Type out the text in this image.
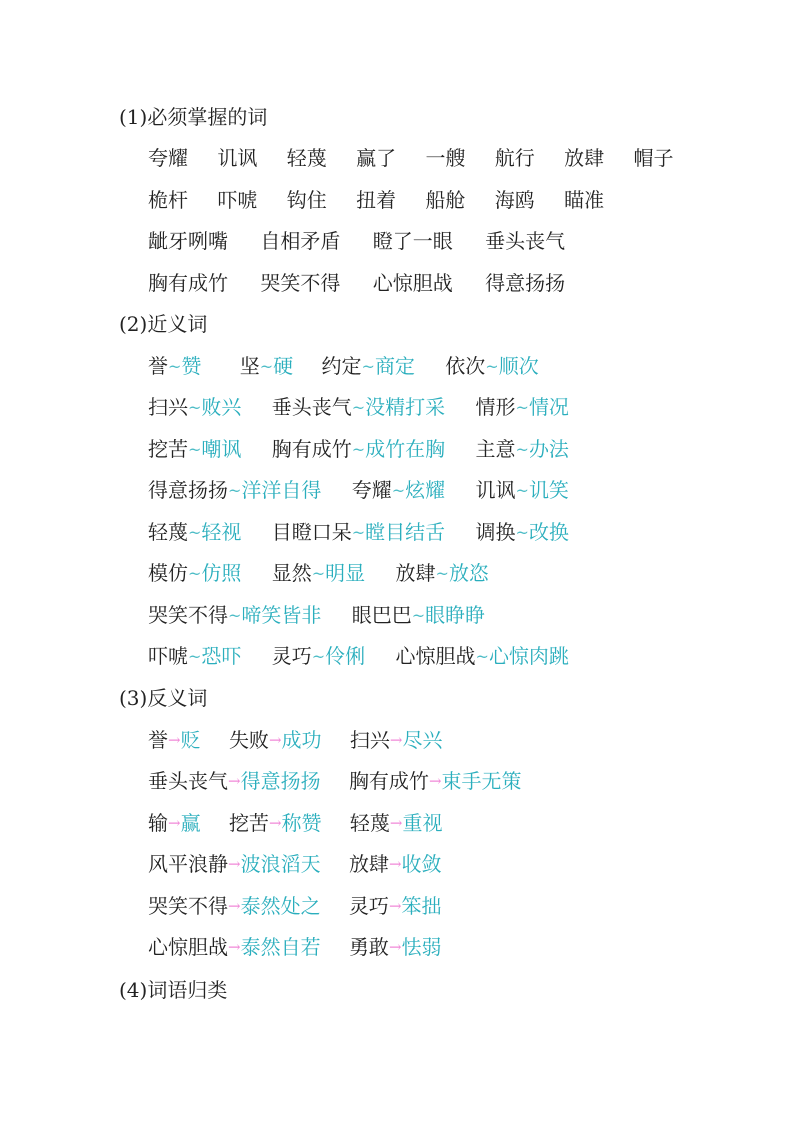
(1)必须掌握的词
夸耀 讥讽 轻蔑 赢了 一艘 航行 放肆 帽子
桅杆 吓唬 钩住 扭着 船舱 海鸥 瞄准
龇牙咧嘴 自相矛盾 瞪了一眼 垂头丧气
胸有成竹 哭笑不得 心惊胆战 得意扬扬
(2)近义词
誉~赞 坚~硬 约定~商定 依次~顺次
扫兴~败兴 垂头丧气~没精打采 情形~情况
挖苦~嘲讽 胸有成竹~成竹在胸 主意~办法
得意扬扬~洋洋自得 夸耀~炫耀 讥讽~讥笑
轻蔑~轻视 目瞪口呆~瞠目结舌 调换~改换
模仿~仿照 显然~明显 放肆~放恣
哭笑不得~啼笑皆非 眼巴巴~眼睁睁
吓唬~恐吓 灵巧~伶俐 心惊胆战~心惊肉跳
(3)反义词
誉→贬 失败→成功 扫兴→尽兴
垂头丧气→得意扬扬 胸有成竹→束手无策
输→赢 挖苦→称赞 轻蔑→重视
风平浪静→波浪滔天 放肆→收敛
哭笑不得→泰然处之 灵巧→笨拙
心惊胆战→泰然自若 勇敢→怯弱
(4)词语归类
